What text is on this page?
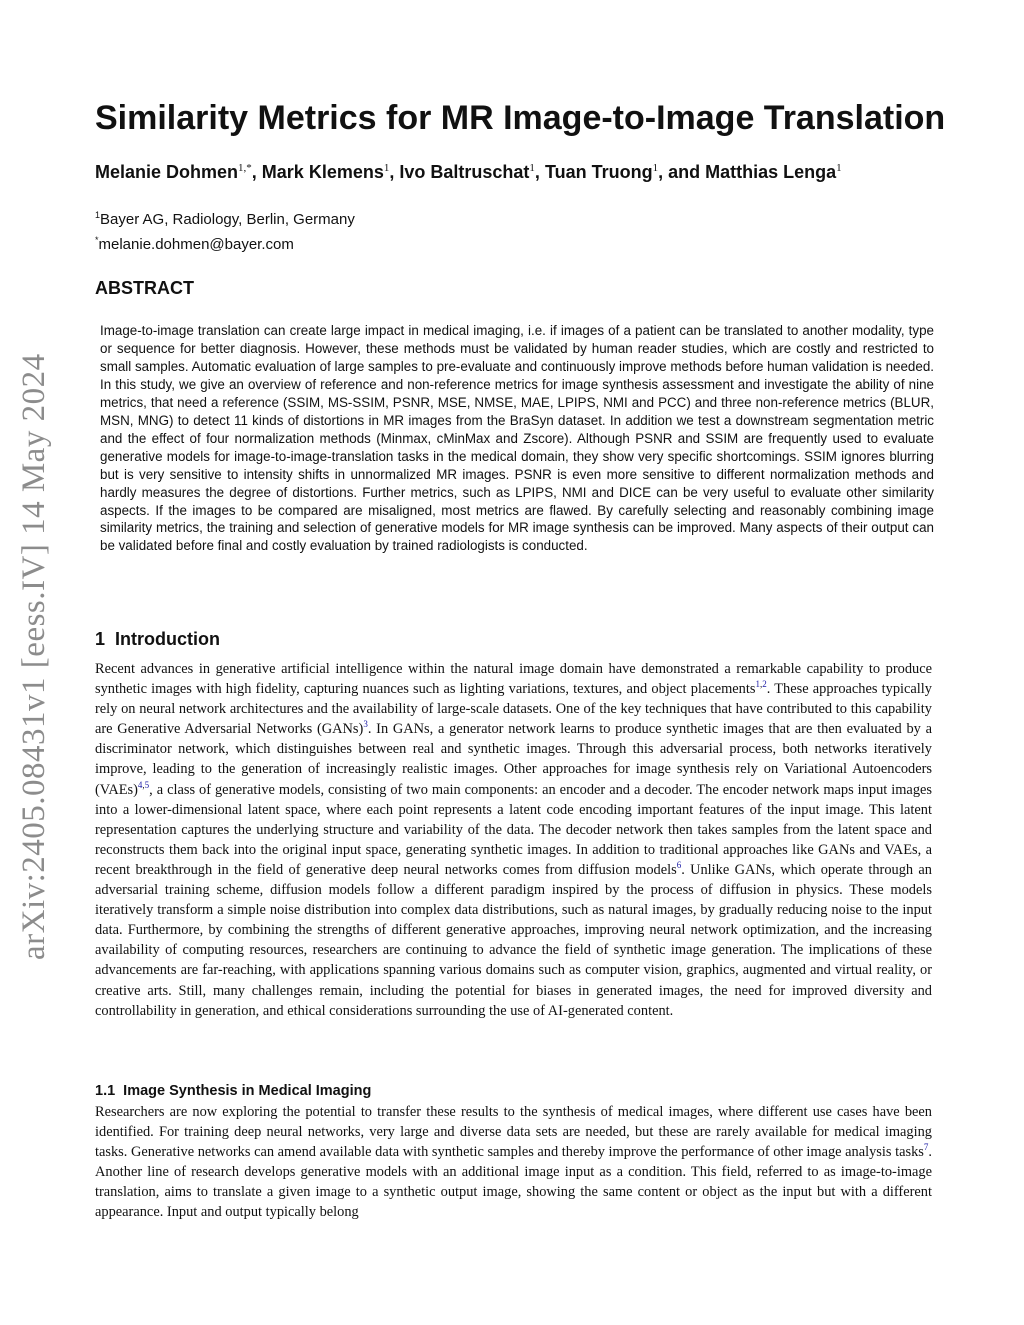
arXiv:2405.08431v1 [eess.IV] 14 May 2024
Similarity Metrics for MR Image-to-Image Translation
Melanie Dohmen$^{1,*}$, Mark Klemens$^1$, Ivo Baltruschat$^1$, Tuan Truong$^1$, and Matthias Lenga$^1$
$^1$Bayer AG, Radiology, Berlin, Germany
*melanie.dohmen@bayer.com
ABSTRACT

Image-to-image translation can create large impact in medical imaging, i.e. if images of a patient can be translated to another modality, type or sequence for better diagnosis. However, these methods must be validated by human reader studies, which are costly and restricted to small samples. Automatic evaluation of large samples to pre-evaluate and continuously improve methods before human validation is needed. In this study, we give an overview of reference and non-reference metrics for image synthesis assessment and investigate the ability of nine metrics, that need a reference (SSIM, MS-SSIM, PSNR, MSE, NMSE, MAE, LPIPS, NMI and PCC) and three non-reference metrics (BLUR, MSN, MNG) to detect 11 kinds of distortions in MR images from the BraSyn dataset. In addition we test a downstream segmentation metric and the effect of four normalization methods (Minmax, cMinMax and Zscore). Although PSNR and SSIM are frequently used to evaluate generative models for image-to-image-translation tasks in the medical domain, they show very specific shortcomings. SSIM ignores blurring but is very sensitive to intensity shifts in unnormalized MR images. PSNR is even more sensitive to different normalization methods and hardly measures the degree of distortions. Further metrics, such as LPIPS, NMI and DICE can be very useful to evaluate other similarity aspects. If the images to be compared are misaligned, most metrics are flawed. By carefully selecting and reasonably combining image similarity metrics, the training and selection of generative models for MR image synthesis can be improved. Many aspects of their output can be validated before final and costly evaluation by trained radiologists is conducted.

1 Introduction

Recent advances in generative artificial intelligence within the natural image domain have demonstrated a remarkable capability to produce synthetic images with high fidelity, capturing nuances such as lighting variations, textures, and object placements$^{1,2}$. These approaches typically rely on neural network architectures and the availability of large-scale datasets. One of the key techniques that have contributed to this capability are Generative Adversarial Networks (GANs)$^3$. In GANs, a generator network learns to produce synthetic images that are then evaluated by a discriminator network, which distinguishes between real and synthetic images. Through this adversarial process, both networks iteratively improve, leading to the generation of increasingly realistic images. Other approaches for image synthesis rely on Variational Autoencoders (VAEs)$^{4,5}$, a class of generative models, consisting of two main components: an encoder and a decoder. The encoder network maps input images into a lower-dimensional latent space, where each point represents a latent code encoding important features of the input image. This latent representation captures the underlying structure and variability of the data. The decoder network then takes samples from the latent space and reconstructs them back into the original input space, generating synthetic images. In addition to traditional approaches like GANs and VAEs, a recent breakthrough in the field of generative deep neural networks comes from diffusion models$^6$. Unlike GANs, which operate through an adversarial training scheme, diffusion models follow a different paradigm inspired by the process of diffusion in physics. These models iteratively transform a simple noise distribution into complex data distributions, such as natural images, by gradually reducing noise to the input data. Furthermore, by combining the strengths of different generative approaches, improving neural network optimization, and the increasing availability of computing resources, researchers are continuing to advance the field of synthetic image generation. The implications of these advancements are far-reaching, with applications spanning various domains such as computer vision, graphics, augmented and virtual reality, or creative arts. Still, many challenges remain, including the potential for biases in generated images, the need for improved diversity and controllability in generation, and ethical considerations surrounding the use of AI-generated content.

1.1 Image Synthesis in Medical Imaging

Researchers are now exploring the potential to transfer these results to the synthesis of medical images, where different use cases have been identified. For training deep neural networks, very large and diverse data sets are needed, but these are rarely available for medical imaging tasks. Generative networks can amend available data with synthetic samples and thereby improve the performance of other image analysis tasks$^7$. Another line of research develops generative models with an additional image input as a condition. This field, referred to as image-to-image translation, aims to translate a given image to a synthetic output image, showing the same content or object as the input but with a different appearance. Input and output typically belong
